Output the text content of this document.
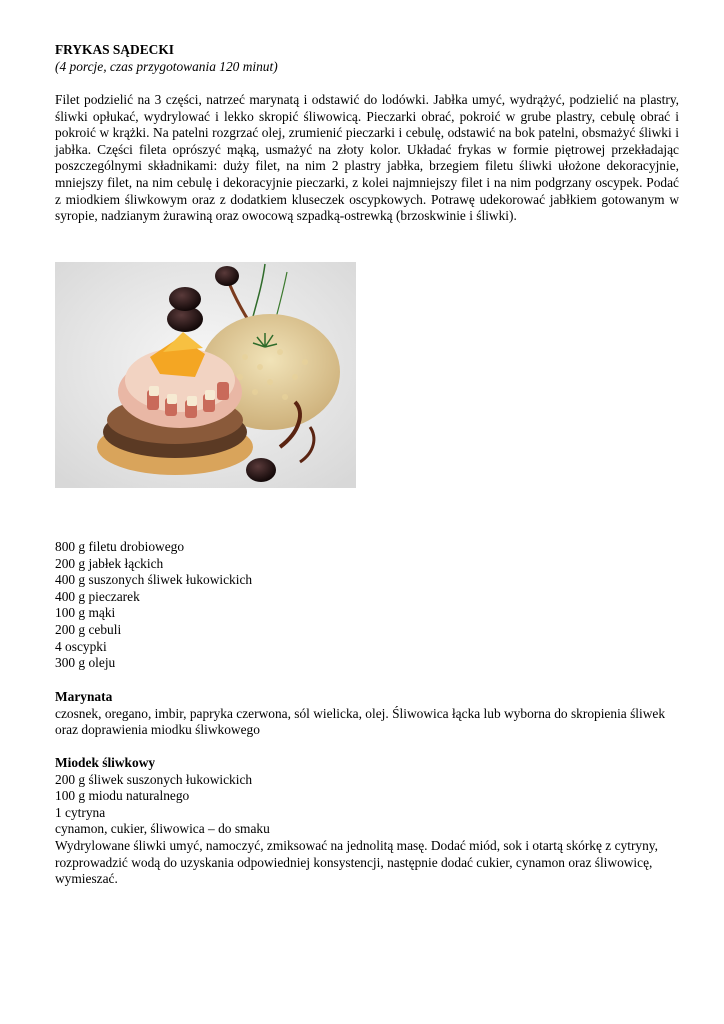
FRYKAS SĄDECKI
(4 porcje, czas przygotowania 120 minut)
Filet podzielić na 3 części, natrzeć marynatą i odstawić do lodówki. Jabłka umyć, wydrążyć, podzielić na plastry, śliwki opłukać, wydrylować i lekko skropić śliwowicą. Pieczarki obrać, pokroić w grube plastry, cebulę obrać i pokroić w krążki. Na patelni rozgrzać olej, zrumienić pieczarki i cebulę, odstawić na bok patelni, obsmażyć śliwki i jabłka. Części fileta oprószyć mąką, usmażyć na złoty kolor. Układać frykas w formie piętrowej przekładając poszczególnymi składnikami: duży filet, na nim 2 plastry jabłka, brzegiem filetu śliwki ułożone dekoracyjnie, mniejszy filet, na nim cebulę i dekoracyjnie pieczarki, z kolei najmniejszy filet i na nim podgrzany oscypek. Podać z miodkiem śliwkowym oraz z dodatkiem kluseczek oscypkowych. Potrawę udekorować jabłkiem gotowanym w syropie, nadzianym żurawiną oraz owocową szpadką-ostrewką (brzoskwinie i śliwki).
800 g filetu drobiowego
200 g jabłek łąckich
400 g suszonych śliwek łukowickich
400 g pieczarek
100 g mąki
200 g cebuli
4 oscypki
300 g oleju
Marynata
czosnek, oregano, imbir, papryka czerwona, sól wielicka, olej. Śliwowica łącka lub wyborna do skropienia śliwek oraz doprawienia miodku śliwkowego
Miodek śliwkowy
200 g śliwek suszonych łukowickich
100 g miodu naturalnego
1 cytryna
cynamon, cukier, śliwowica – do smaku
Wydrylowane śliwki umyć, namoczyć, zmiksować na jednolitą masę. Dodać miód, sok i otartą skórkę z cytryny, rozprowadzić wodą do uzyskania odpowiedniej konsystencji, następnie dodać cukier, cynamon oraz śliwowicę, wymieszać.
